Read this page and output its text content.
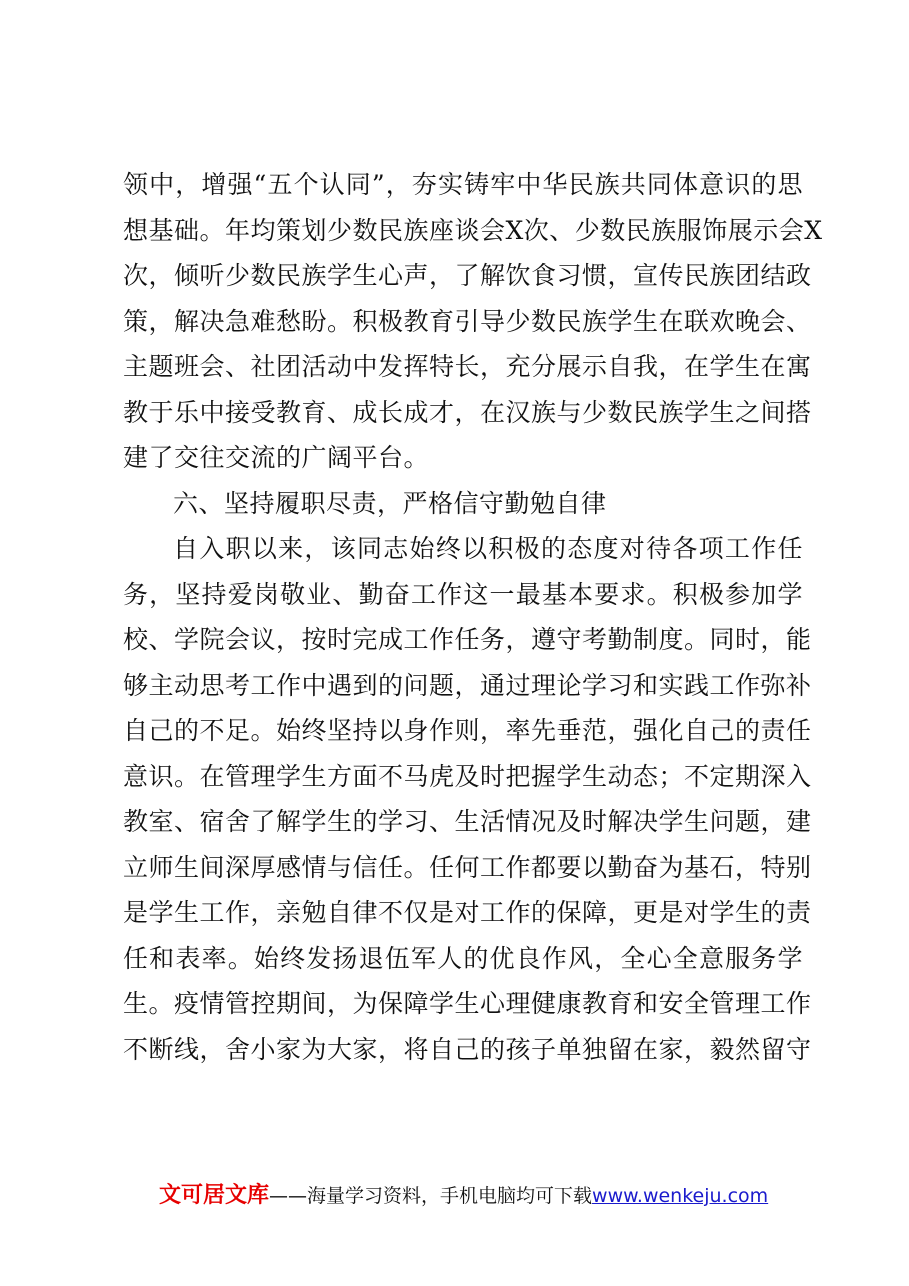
领中，增强“五个认同”，夯实铸牢中华民族共同体意识的思
想基础。年均策划少数民族座谈会X次、少数民族服饰展示会X
次，倾听少数民族学生心声，了解饮食习惯，宣传民族团结政
策，解决急难愁盼。积极教育引导少数民族学生在联欢晚会、
主题班会、社团活动中发挥特长，充分展示自我，在学生在寓
教于乐中接受教育、成长成才，在汉族与少数民族学生之间搭
建了交往交流的广阔平台。
六、坚持履职尽责，严格信守勤勉自律
自入职以来，该同志始终以积极的态度对待各项工作任
务，坚持爱岗敬业、勤奋工作这一最基本要求。积极参加学
校、学院会议，按时完成工作任务，遵守考勤制度。同时，能
够主动思考工作中遇到的问题，通过理论学习和实践工作弥补
自己的不足。始终坚持以身作则，率先垂范，强化自己的责任
意识。在管理学生方面不马虎及时把握学生动态；不定期深入
教室、宿舍了解学生的学习、生活情况及时解决学生问题，建
立师生间深厚感情与信任。任何工作都要以勤奋为基石，特别
是学生工作，亲勉自律不仅是对工作的保障，更是对学生的责
任和表率。始终发扬退伍军人的优良作风，全心全意服务学
生。疫情管控期间，为保障学生心理健康教育和安全管理工作
不断线，舍小家为大家，将自己的孩子单独留在家，毅然留守
文可居文库——海量学习资料，手机电脑均可下载www.wenkeju.com
